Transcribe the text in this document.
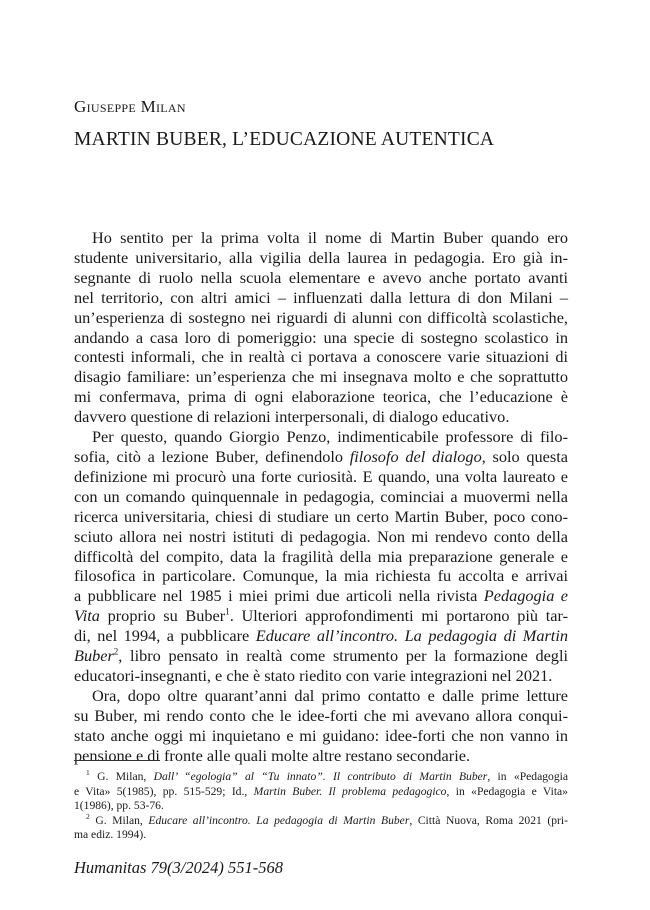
Giuseppe Milan
MARTIN BUBER, L’EDUCAZIONE AUTENTICA

Ho sentito per la prima volta il nome di Martin Buber quando ero
studente universitario, alla vigilia della laurea in pedagogia. Ero già in-
segnante di ruolo nella scuola elementare e avevo anche portato avanti
nel territorio, con altri amici – influenzati dalla lettura di don Milani –
un’esperienza di sostegno nei riguardi di alunni con difficoltà scolastiche,
andando a casa loro di pomeriggio: una specie di sostegno scolastico in
contesti informali, che in realtà ci portava a conoscere varie situazioni di
disagio familiare: un’esperienza che mi insegnava molto e che soprattutto
mi confermava, prima di ogni elaborazione teorica, che l’educazione è
davvero questione di relazioni interpersonali, di dialogo educativo.

Per questo, quando Giorgio Penzo, indimenticabile professore di filo-
sofia, citò a lezione Buber, definendolo filosofo del dialogo, solo questa
definizione mi procurò una forte curiosità. E quando, una volta laureato e
con un comando quinquennale in pedagogia, cominciai a muovermi nella
ricerca universitaria, chiesi di studiare un certo Martin Buber, poco cono-
sciuto allora nei nostri istituti di pedagogia. Non mi rendevo conto della
difficoltà del compito, data la fragilità della mia preparazione generale e
filosofica in particolare. Comunque, la mia richiesta fu accolta e arrivai
a pubblicare nel 1985 i miei primi due articoli nella rivista Pedagogia e
Vita proprio su Buber$^1$. Ulteriori approfondimenti mi portarono più tar-
di, nel 1994, a pubblicare Educare all’incontro. La pedagogia di Martin
Buber$^2$, libro pensato in realtà come strumento per la formazione degli
educatori-insegnanti, e che è stato riedito con varie integrazioni nel 2021.

Ora, dopo oltre quarant’anni dal primo contatto e dalle prime letture
su Buber, mi rendo conto che le idee-forti che mi avevano allora conqui-
stato anche oggi mi inquietano e mi guidano: idee-forti che non vanno in
pensione e di fronte alle quali molte altre restano secondarie.

$^1$ G. Milan, Dall’ “egologia” al “Tu innato”. Il contributo di Martin Buber, in «Pedagogia
e Vita» 5(1985), pp. 515-529; Id., Martin Buber. Il problema pedagogico, in «Pedagogia e Vita»
1(1986), pp. 53-76.
$^2$ G. Milan, Educare all’incontro. La pedagogia di Martin Buber, Città Nuova, Roma 2021 (pri-
ma ediz. 1994).
Humanitas 79(3/2024) 551-568
